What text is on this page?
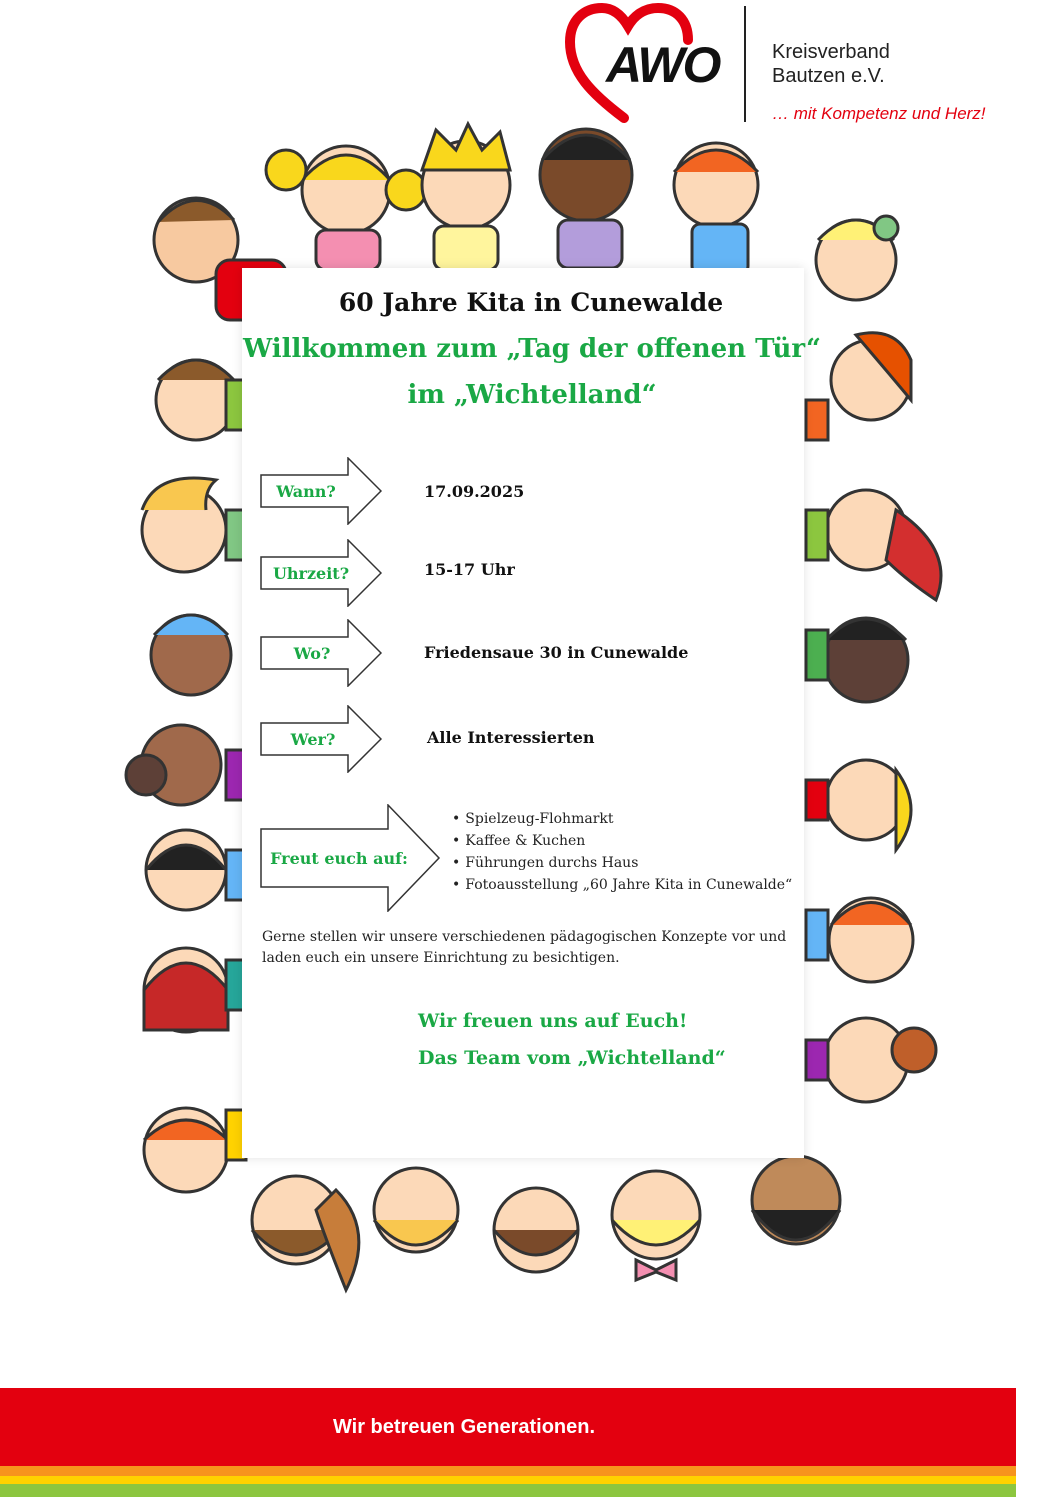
AWO	Kreisverband
Bautzen e.V.
… mit Kompetenz und Herz!
60 Jahre Kita in Cunewalde
Willkommen zum „Tag der offenen Tür“
im „Wichtelland“
Wann?	17.09.2025
Uhrzeit?	15-17 Uhr
Wo?	Friedensaue 30 in Cunewalde
Wer?	Alle Interessierten
Freut euch auf:
• Spielzeug-Flohmarkt
• Kaffee & Kuchen
• Führungen durchs Haus
• Fotoausstellung „60 Jahre Kita in Cunewalde“
Gerne stellen wir unsere verschiedenen pädagogischen Konzepte vor und laden euch ein unsere Einrichtung zu besichtigen.
Wir freuen uns auf Euch!
Das Team vom „Wichtelland“
Wir betreuen Generationen.
